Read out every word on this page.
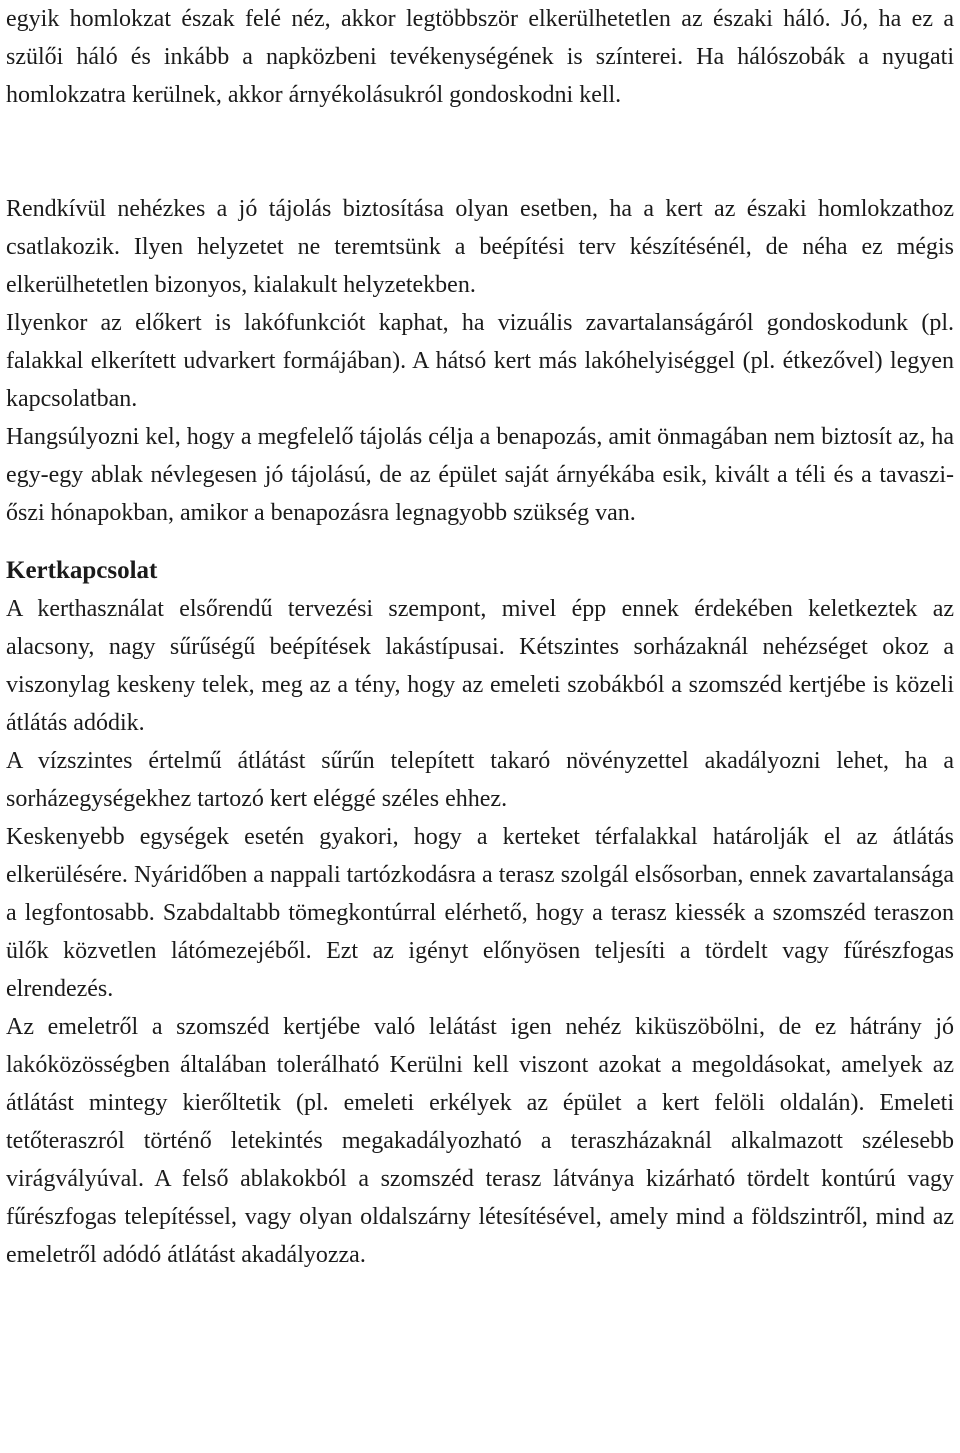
egyik homlokzat észak felé néz, akkor legtöbbször elkerülhetetlen az északi háló. Jó, ha ez a szülői háló és inkább a napközbeni tevékenységének is színterei. Ha hálószobák a nyugati homlokzatra kerülnek, akkor árnyékolásukról gondoskodni kell.

Rendkívül nehézkes a jó tájolás biztosítása olyan esetben, ha a kert az északi homlokzathoz csatlakozik. Ilyen helyzetet ne teremtsünk a beépítési terv készítésénél, de néha ez mégis elkerülhetetlen bizonyos, kialakult helyzetekben.

Ilyenkor az előkert is lakófunkciót kaphat, ha vizuális zavartalanságáról gondoskodunk (pl. falakkal elkerített udvarkert formájában). A hátsó kert más lakóhelyiséggel (pl. étkezővel) legyen kapcsolatban.

Hangsúlyozni kel, hogy a megfelelő tájolás célja a benapozás, amit önmagában nem biztosít az, ha egy-egy ablak névlegesen jó tájolású, de az épület saját árnyékába esik, kivált a téli és a tavaszi-őszi hónapokban, amikor a benapozásra legnagyobb szükség van.

Kertkapcsolat

A kerthasználat elsőrendű tervezési szempont, mivel épp ennek érdekében keletkeztek az alacsony, nagy sűrűségű beépítések lakástípusai. Kétszintes sorházaknál nehézséget okoz a viszonylag keskeny telek, meg az a tény, hogy az emeleti szobákból a szomszéd kertjébe is közeli átlátás adódik.

A vízszintes értelmű átlátást sűrűn telepített takaró növényzettel akadályozni lehet, ha a sorházegységekhez tartozó kert eléggé széles ehhez.

Keskenyebb egységek esetén gyakori, hogy a kerteket térfalakkal határolják el az átlátás elkerülésére. Nyáridőben a nappali tartózkodásra a terasz szolgál elsősorban, ennek zavartalansága a legfontosabb. Szabdaltabb tömegkontúrral elérhető, hogy a terasz kiessék a szomszéd teraszon ülők közvetlen látómezejéből. Ezt az igényt előnyösen teljesíti a tördelt vagy fűrészfogas elrendezés.

Az emeletről a szomszéd kertjébe való lelátást igen nehéz kiküszöbölni, de ez hátrány jó lakóközösségben általában tolerálható Kerülni kell viszont azokat a megoldásokat, amelyek az átlátást mintegy kierőltetik (pl. emeleti erkélyek az épület a kert felöli oldalán). Emeleti tetőteraszról történő letekintés megakadályozható a teraszházaknál alkalmazott szélesebb virágvályúval. A felső ablakokból a szomszéd terasz látványa kizárható tördelt kontúrú vagy fűrészfogas telepítéssel, vagy olyan oldalszárny létesítésével, amely mind a földszintről, mind az emeletről adódó átlátást akadályozza.
